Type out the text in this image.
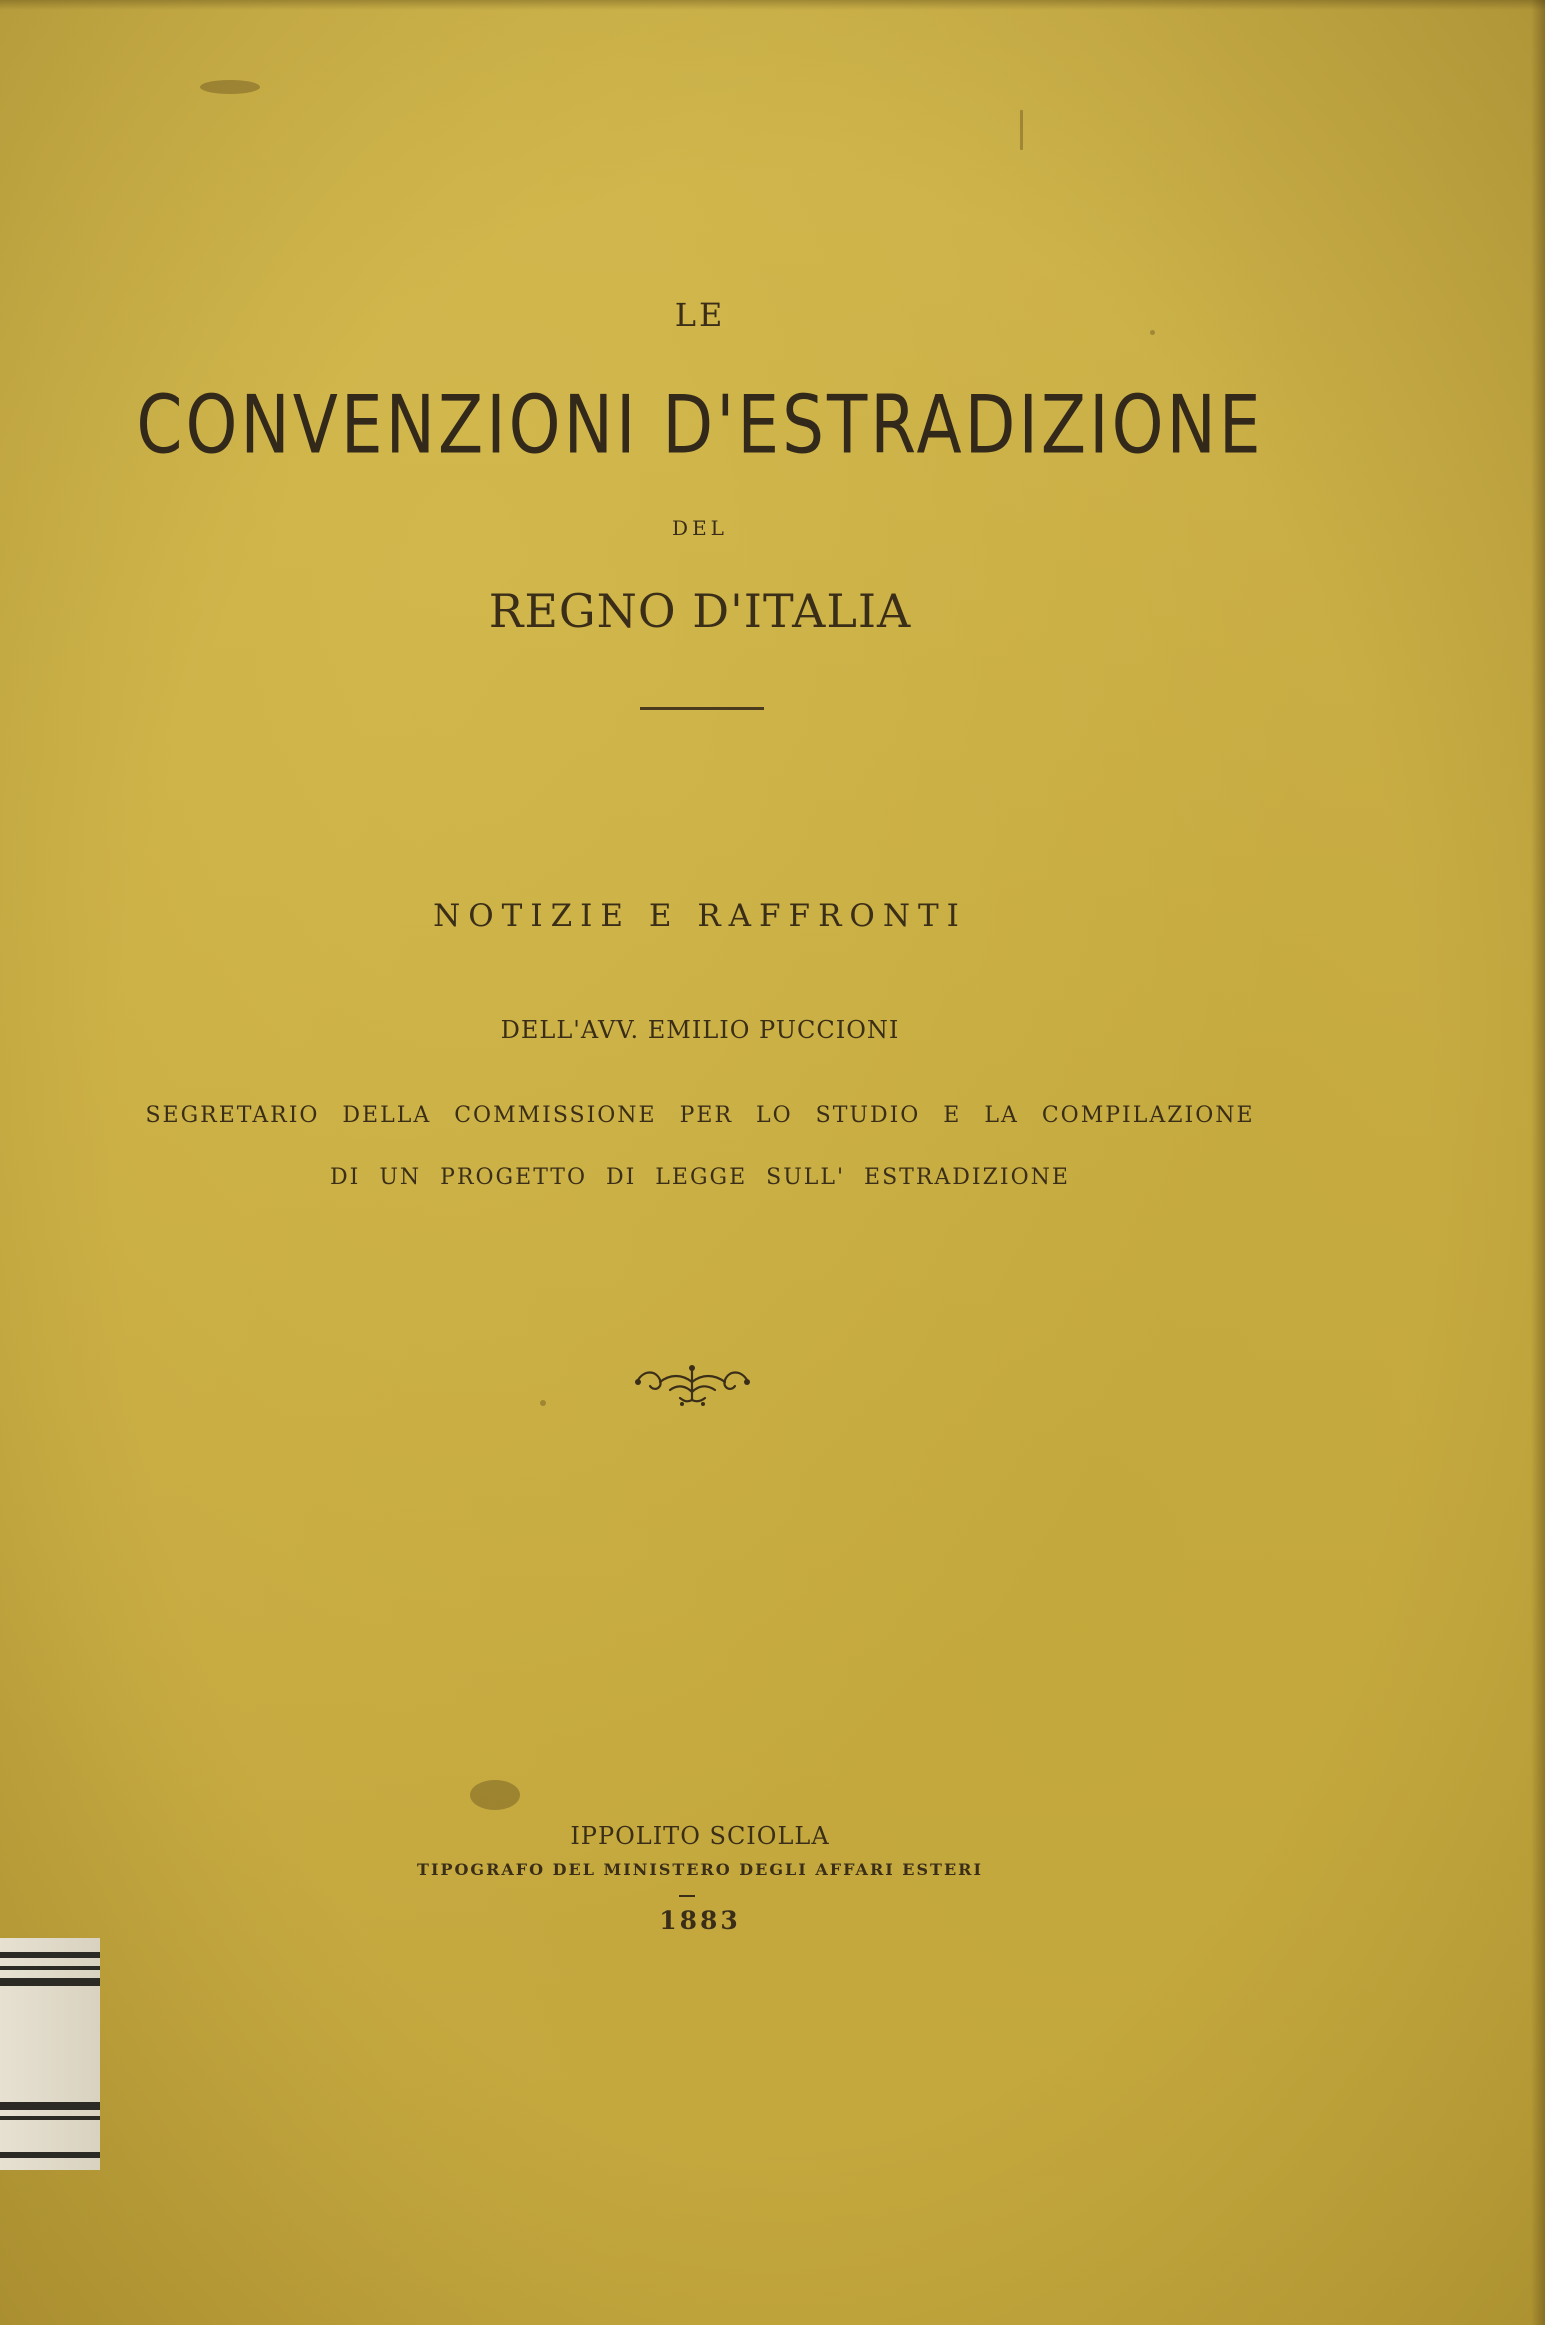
LE
CONVENZIONI D'ESTRADIZIONE
DEL
REGNO D'ITALIA
NOTIZIE E RAFFRONTI
DELL'AVV. EMILIO PUCCIONI
SEGRETARIO DELLA COMMISSIONE PER LO STUDIO E LA COMPILAZIONE
DI UN PROGETTO DI LEGGE SULL' ESTRADIZIONE
IPPOLITO SCIOLLA
TIPOGRAFO DEL MINISTERO DEGLI AFFARI ESTERI
1883
